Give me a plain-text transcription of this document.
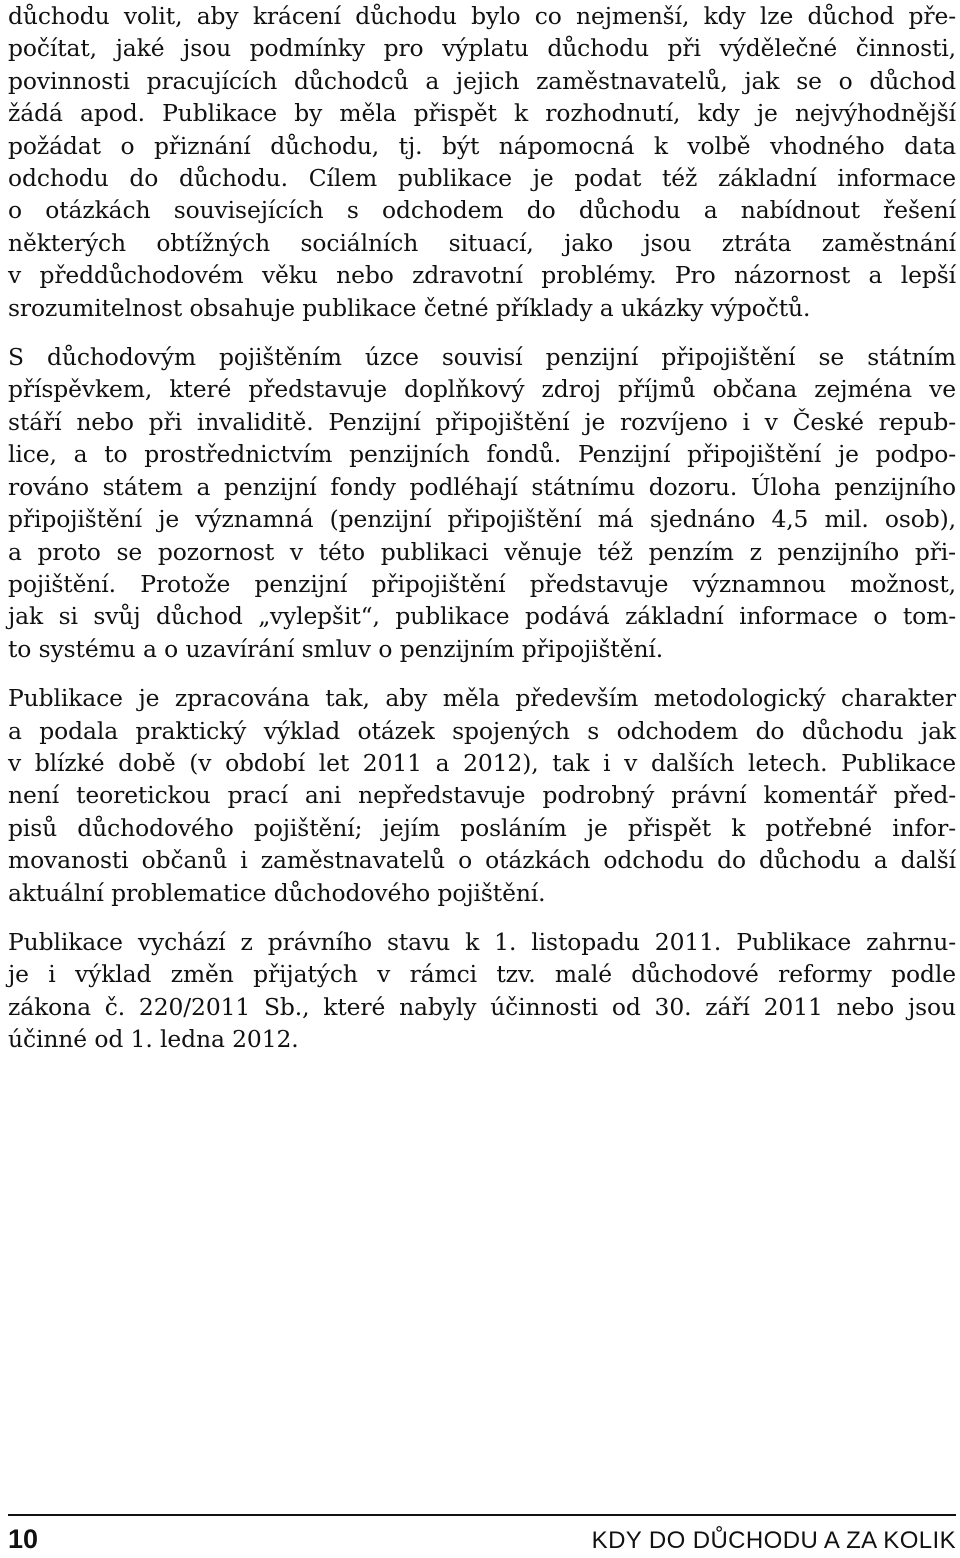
důchodu volit, aby krácení důchodu bylo co nejmenší, kdy lze důchod pře-
počítat, jaké jsou podmínky pro výplatu důchodu při výdělečné činnosti,
povinnosti pracujících důchodců a jejich zaměstnavatelů, jak se o důchod
žádá apod. Publikace by měla přispět k rozhodnutí, kdy je nejvýhodnější
požádat o přiznání důchodu, tj. být nápomocná k volbě vhodného data
odchodu do důchodu. Cílem publikace je podat též základní informace
o otázkách souvisejících s odchodem do důchodu a nabídnout řešení
některých obtížných sociálních situací, jako jsou ztráta zaměstnání
v předdůchodovém věku nebo zdravotní problémy. Pro názornost a lepší
srozumitelnost obsahuje publikace četné příklady a ukázky výpočtů.

S důchodovým pojištěním úzce souvisí penzijní připojištění se státním
příspěvkem, které představuje doplňkový zdroj příjmů občana zejména ve
stáří nebo při invaliditě. Penzijní připojištění je rozvíjeno i v České repub-
lice, a to prostřednictvím penzijních fondů. Penzijní připojištění je podpo-
rováno státem a penzijní fondy podléhají státnímu dozoru. Úloha penzijního
připojištění je významná (penzijní připojištění má sjednáno 4,5 mil. osob),
a proto se pozornost v této publikaci věnuje též penzím z penzijního při-
pojištění. Protože penzijní připojištění představuje významnou možnost,
jak si svůj důchod „vylepšit“, publikace podává základní informace o tom-
to systému a o uzavírání smluv o penzijním připojištění.

Publikace je zpracována tak, aby měla především metodologický charakter
a podala praktický výklad otázek spojených s odchodem do důchodu jak
v blízké době (v období let 2011 a 2012), tak i v dalších letech. Publikace
není teoretickou prací ani nepředstavuje podrobný právní komentář před-
pisů důchodového pojištění; jejím posláním je přispět k potřebné infor-
movanosti občanů i zaměstnavatelů o otázkách odchodu do důchodu a další
aktuální problematice důchodového pojištění.

Publikace vychází z právního stavu k 1. listopadu 2011. Publikace zahrnu-
je i výklad změn přijatých v rámci tzv. malé důchodové reformy podle
zákona č. 220/2011 Sb., které nabyly účinnosti od 30. září 2011 nebo jsou
účinné od 1. ledna 2012.

10	KDY DO DŮCHODU A ZA KOLIK
